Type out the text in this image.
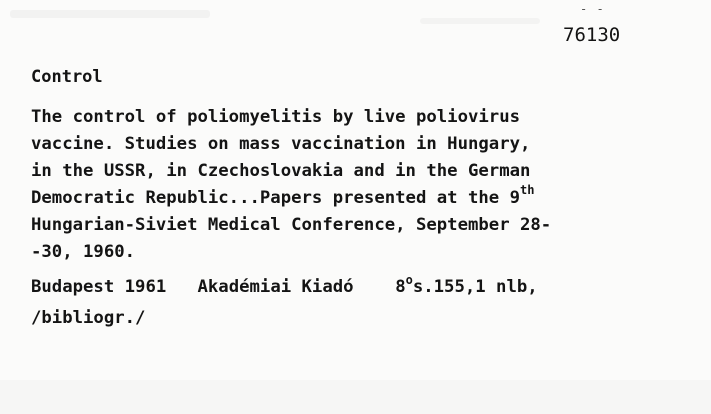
- -
76130
Control
The control of poliomyelitis by live poliovirus
vaccine. Studies on mass vaccination in Hungary,
in the USSR, in Czechoslovakia and in the German
Democratic Republic...Papers presented at the 9th
Hungarian-Siviet Medical Conference, September 28-
-30, 1960.
Budapest 1961 Akadémiai Kiadó 8$^o$s.155,1 nlb,
/bibliogr./
